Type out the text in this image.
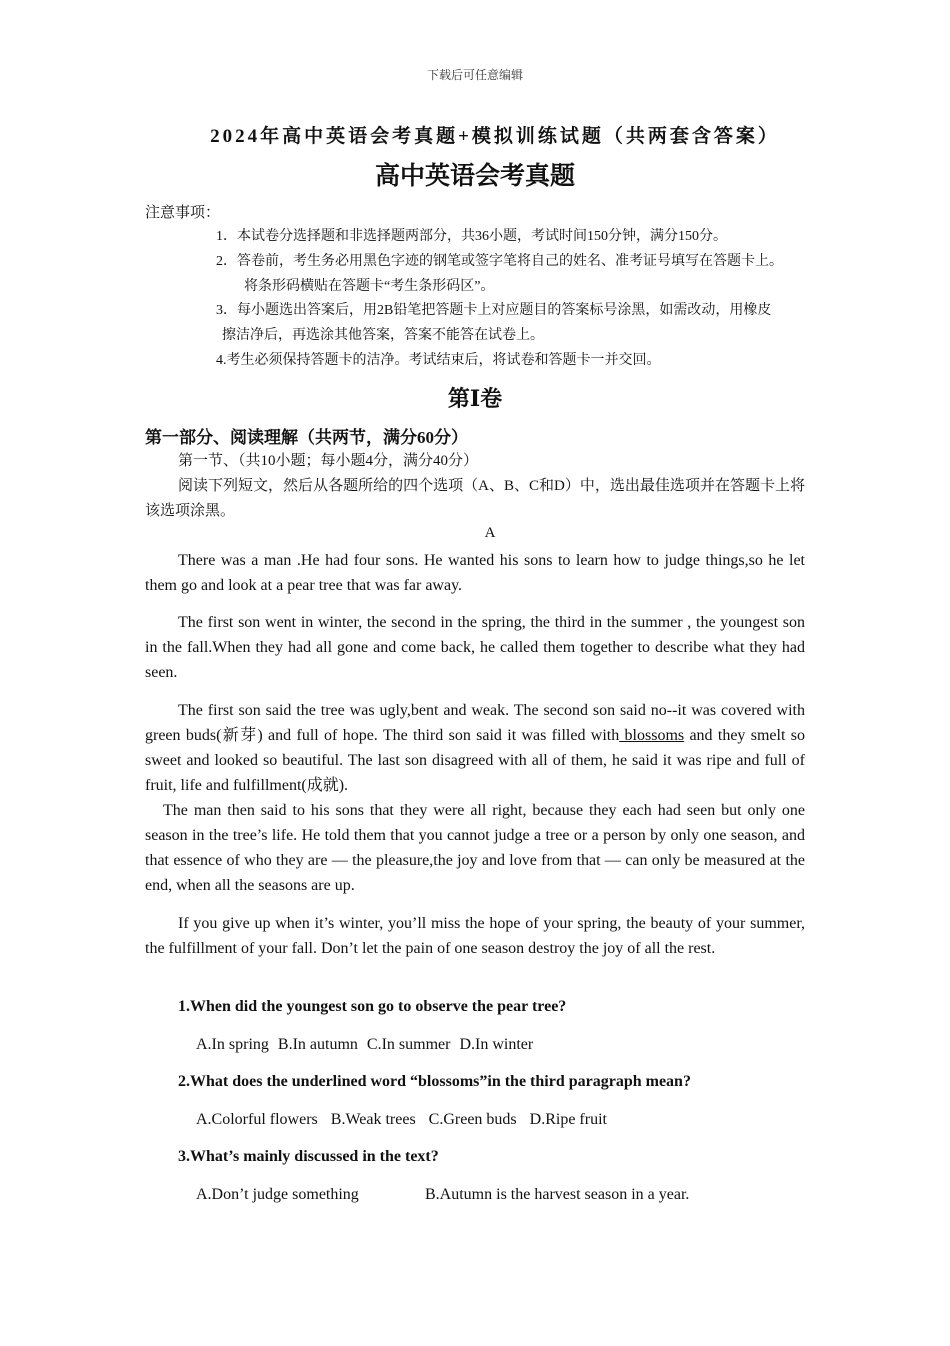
下载后可任意编辑
2024年高中英语会考真题+模拟训练试题（共两套含答案）
高中英语会考真题
注意事项：
1．本试卷分选择题和非选择题两部分，共36小题，考试时间150分钟，满分150分。
2．答卷前，考生务必用黑色字迹的钢笔或签字笔将自己的姓名、准考证号填写在答题卡上。
将条形码横贴在答题卡“考生条形码区”。
3．每小题选出答案后，用2B铅笔把答题卡上对应题目的答案标号涂黑，如需改动，用橡皮
擦洁净后，再选涂其他答案，答案不能答在试卷上。
4.考生必须保持答题卡的洁净。考试结束后，将试卷和答题卡一并交回。
第Ⅰ卷
第一部分、阅读理解（共两节，满分60分）
第一节、（共10小题；每小题4分，满分40分）
阅读下列短文，然后从各题所给的四个选项（A、B、C和D）中，选出最佳选项并在答题卡上将该选项涂黑。
A
There was a man .He had four sons. He wanted his sons to learn how to judge things,so he let them go and look at a pear tree that was far away.
The first son went in winter, the second in the spring, the third in the summer , the youngest son in the fall.When they had all gone and come back, he called them together to describe what they had seen.
The first son said the tree was ugly,bent and weak. The second son said no--it was covered with green buds(新芽) and full of hope. The third son said it was filled with blossoms and they smelt so sweet and looked so beautiful. The last son disagreed with all of them, he said it was ripe and full of fruit, life and fulfillment(成就).
The man then said to his sons that they were all right, because they each had seen but only one season in the tree’s life. He told them that you cannot judge a tree or a person by only one season, and that essence of who they are — the pleasure,the joy and love from that — can only be measured at the end, when all the seasons are up.
If you give up when it’s winter, you’ll miss the hope of your spring, the beauty of your summer, the fulfillment of your fall. Don’t let the pain of one season destroy the joy of all the rest.
1.When did the youngest son go to observe the pear tree?
A.In spring B.In autumn C.In summer D.In winter
2.What does the underlined word “blossoms”in the third paragraph mean?
A.Colorful flowers B.Weak trees C.Green buds D.Ripe fruit
3.What’s mainly discussed in the text?
A.Don’t judge something	B.Autumn is the harvest season in a year.
